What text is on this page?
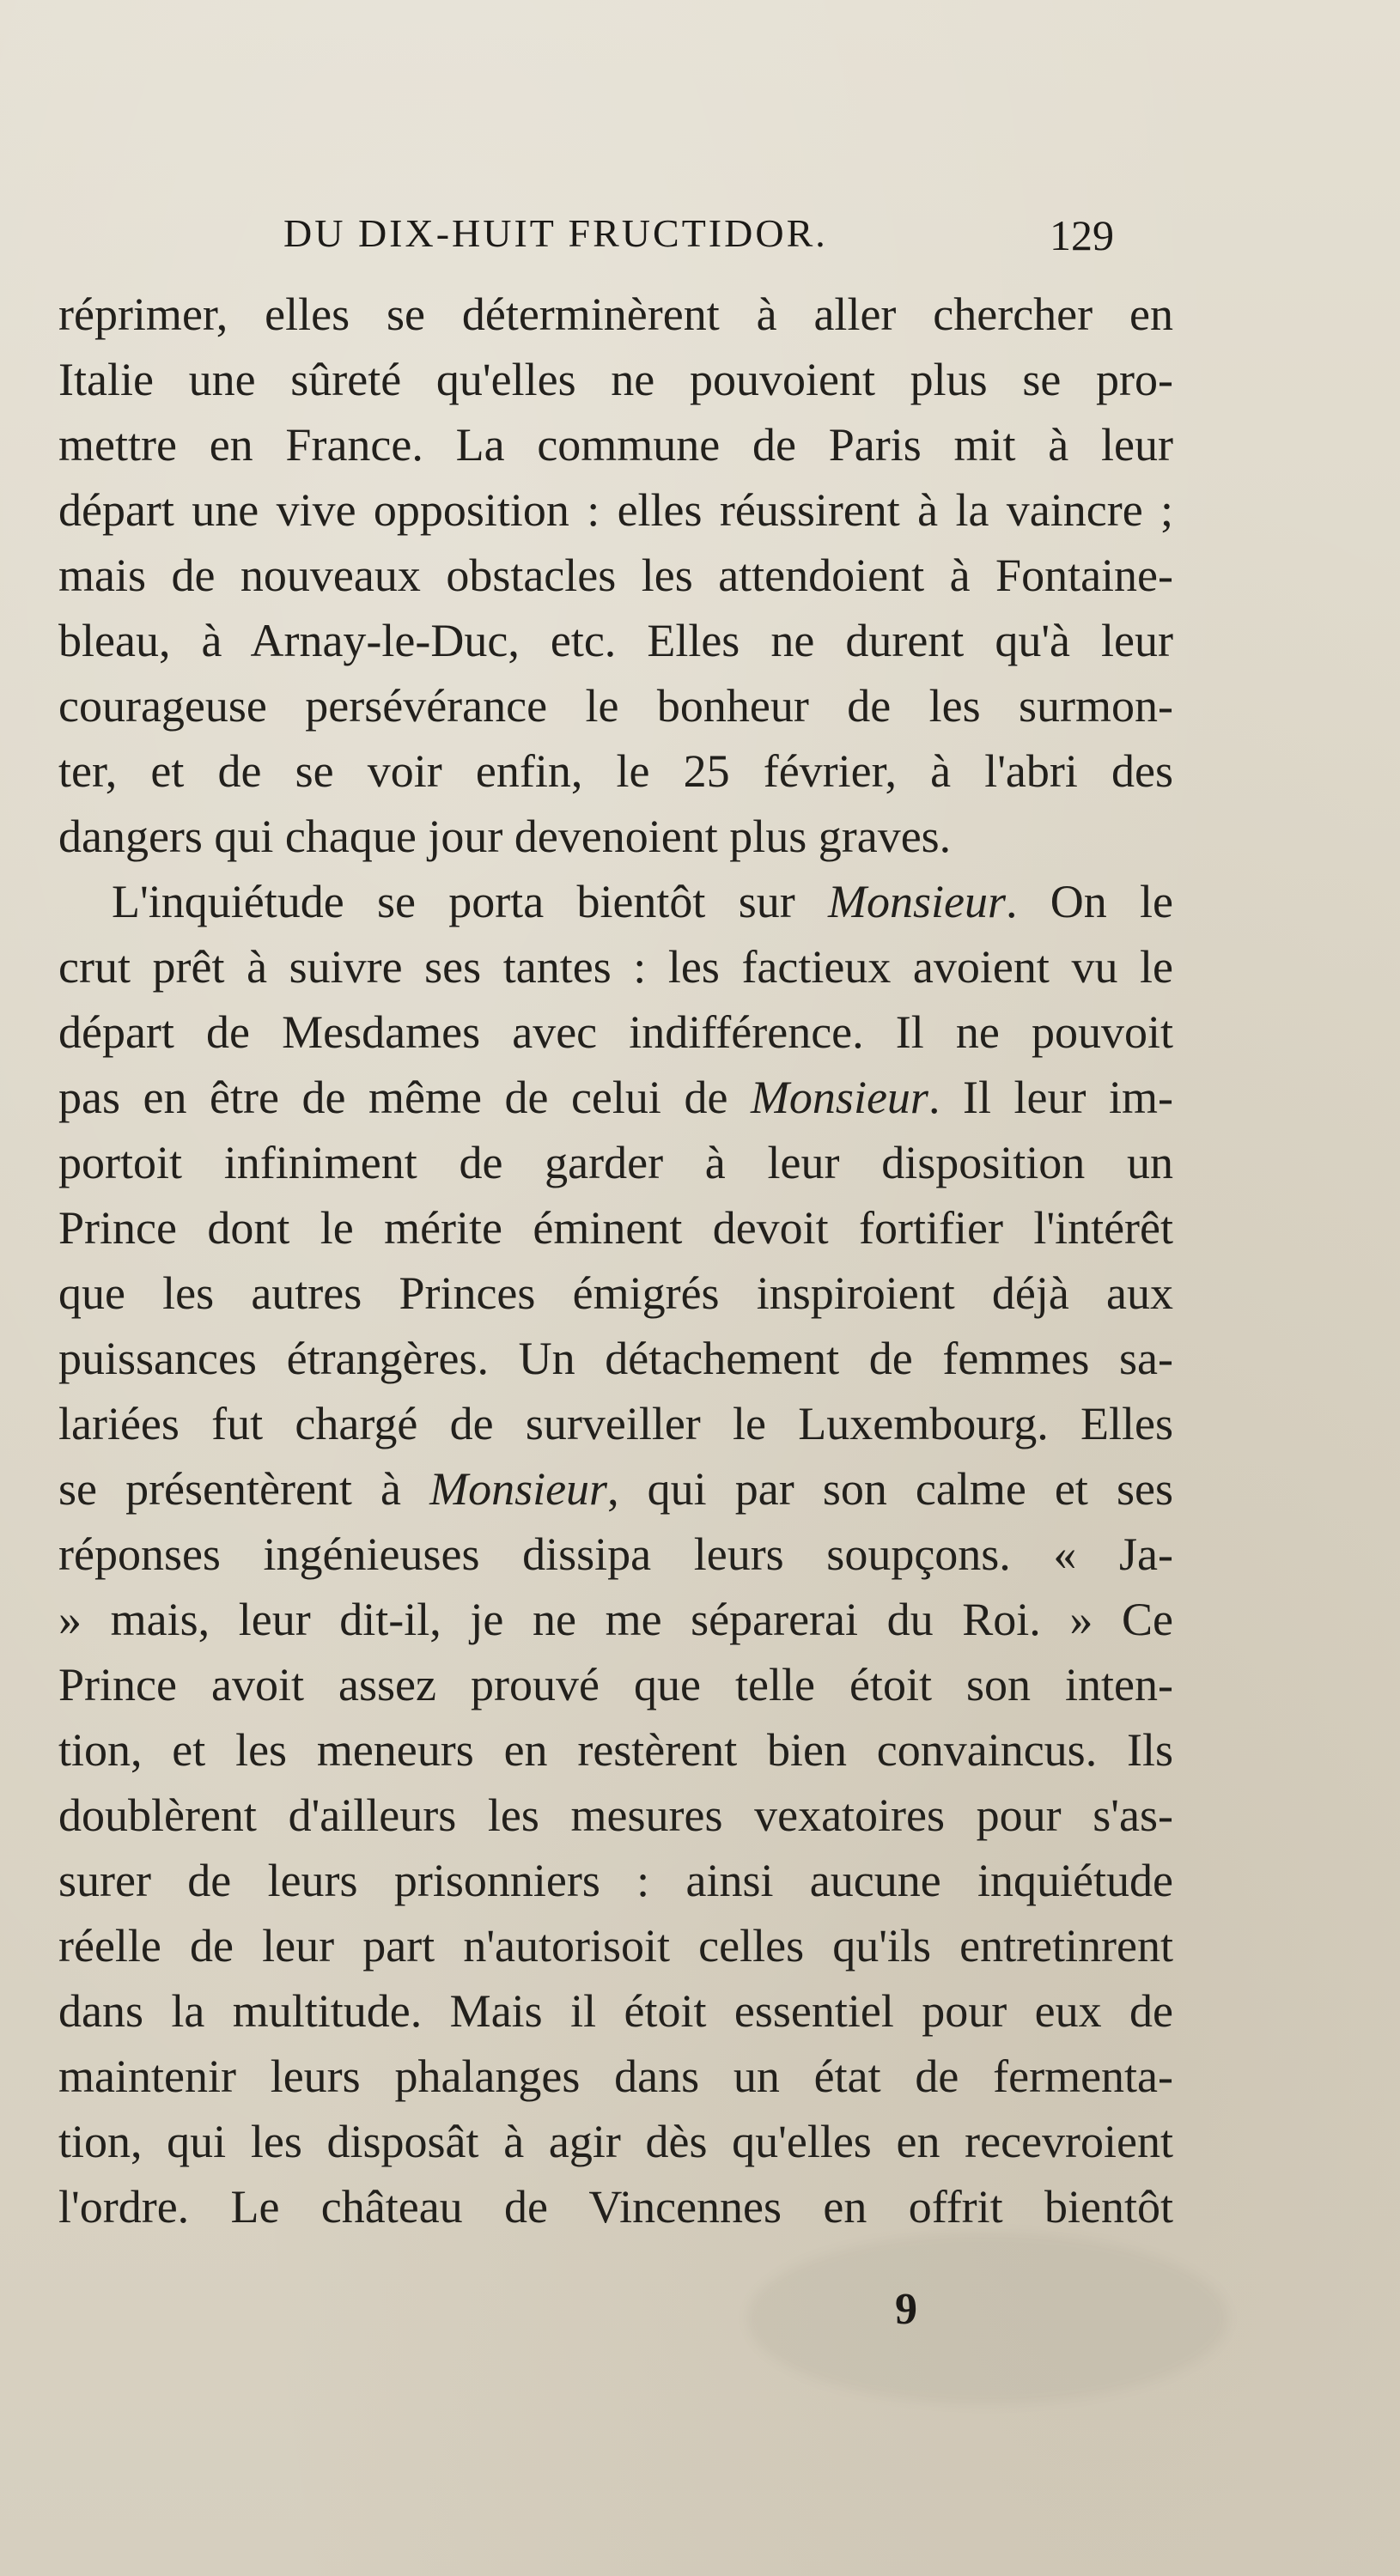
DU DIX-HUIT FRUCTIDOR.	129
réprimer, elles se déterminèrent à aller chercher en
Italie une sûreté qu'elles ne pouvoient plus se pro-
mettre en France. La commune de Paris mit à leur
départ une vive opposition : elles réussirent à la vaincre ;
mais de nouveaux obstacles les attendoient à Fontaine-
bleau, à Arnay-le-Duc, etc. Elles ne durent qu'à leur
courageuse persévérance le bonheur de les surmon-
ter, et de se voir enfin, le 25 février, à l'abri des
dangers qui chaque jour devenoient plus graves.
L'inquiétude se porta bientôt sur Monsieur. On le
crut prêt à suivre ses tantes : les factieux avoient vu le
départ de Mesdames avec indifférence. Il ne pouvoit
pas en être de même de celui de Monsieur. Il leur im-
portoit infiniment de garder à leur disposition un
Prince dont le mérite éminent devoit fortifier l'intérêt
que les autres Princes émigrés inspiroient déjà aux
puissances étrangères. Un détachement de femmes sa-
lariées fut chargé de surveiller le Luxembourg. Elles
se présentèrent à Monsieur, qui par son calme et ses
réponses ingénieuses dissipa leurs soupçons. « Ja-
» mais, leur dit-il, je ne me séparerai du Roi. » Ce
Prince avoit assez prouvé que telle étoit son inten-
tion, et les meneurs en restèrent bien convaincus. Ils
doublèrent d'ailleurs les mesures vexatoires pour s'as-
surer de leurs prisonniers : ainsi aucune inquiétude
réelle de leur part n'autorisoit celles qu'ils entretinrent
dans la multitude. Mais il étoit essentiel pour eux de
maintenir leurs phalanges dans un état de fermenta-
tion, qui les disposât à agir dès qu'elles en recevroient
l'ordre. Le château de Vincennes en offrit bientôt
9
